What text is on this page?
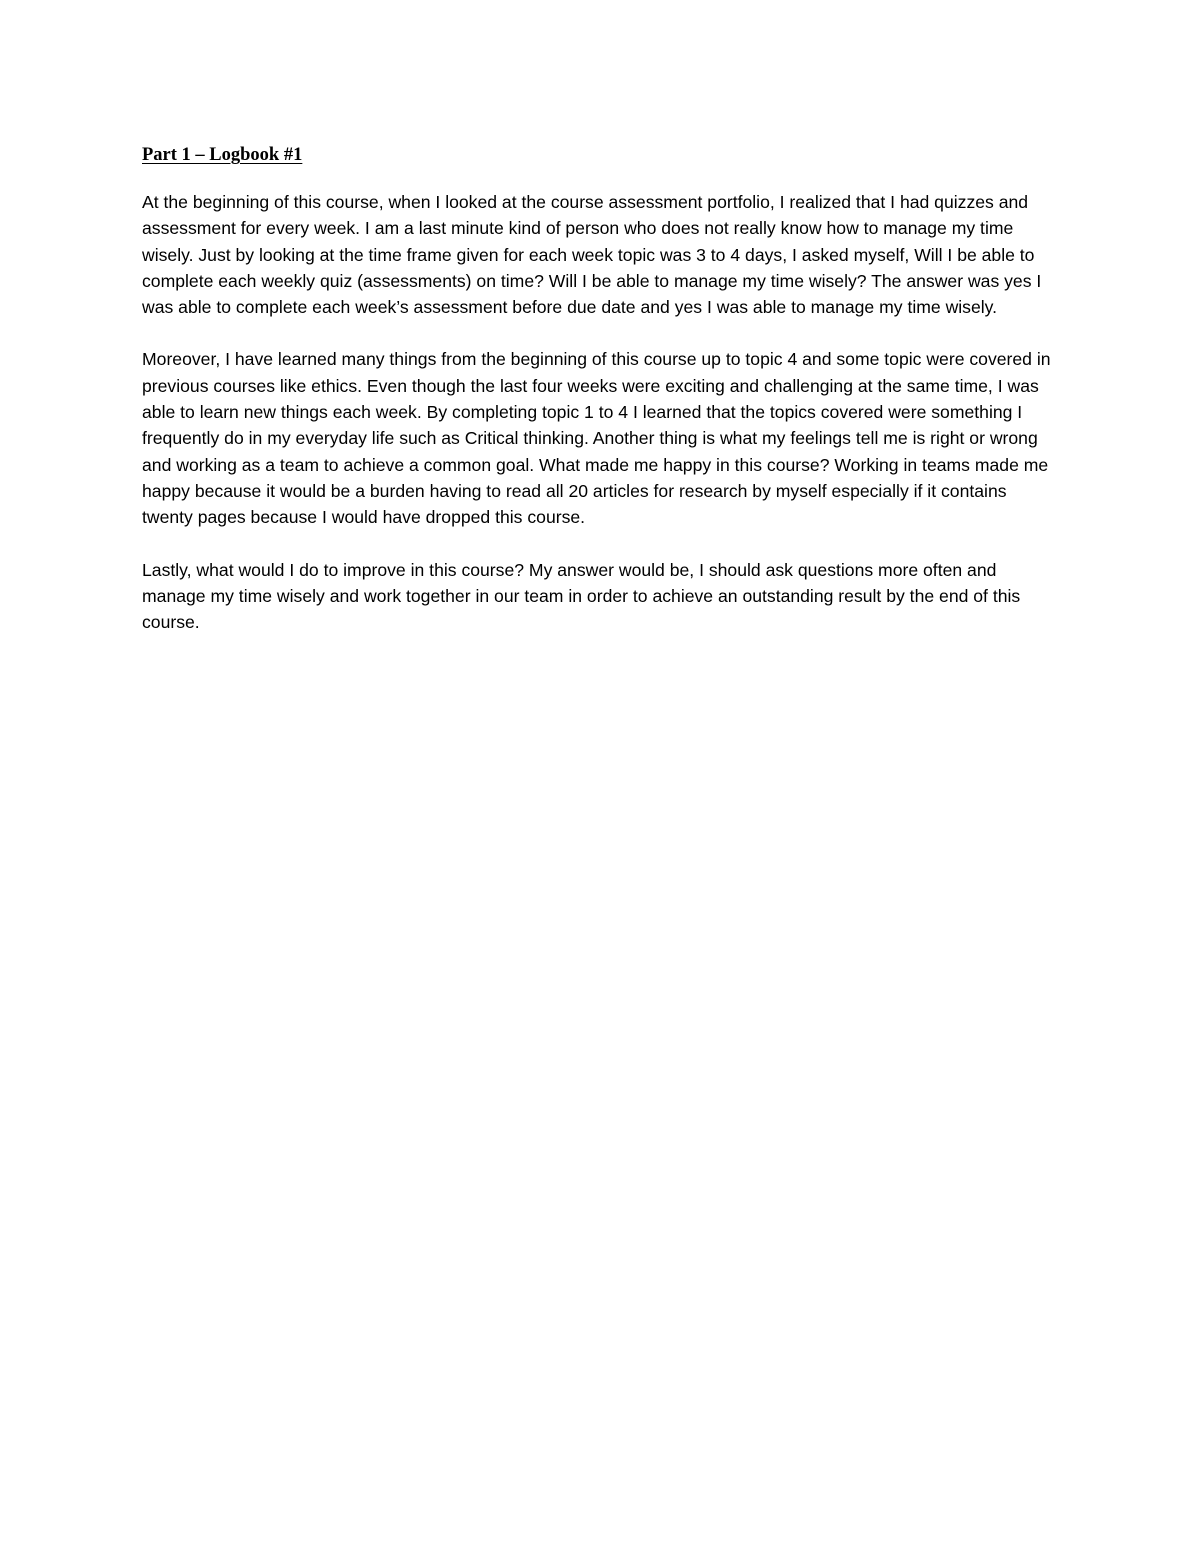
Part 1 – Logbook #1

At the beginning of this course, when I looked at the course assessment portfolio, I realized that I had quizzes and assessment for every week. I am a last minute kind of person who does not really know how to manage my time wisely. Just by looking at the time frame given for each week topic was 3 to 4 days, I asked myself, Will I be able to complete each weekly quiz (assessments) on time? Will I be able to manage my time wisely? The answer was yes I was able to complete each week’s assessment before due date and yes I was able to manage my time wisely.

Moreover, I have learned many things from the beginning of this course up to topic 4 and some topic were covered in previous courses like ethics. Even though the last four weeks were exciting and challenging at the same time, I was able to learn new things each week. By completing topic 1 to 4 I learned that the topics covered were something I frequently do in my everyday life such as Critical thinking. Another thing is what my feelings tell me is right or wrong and working as a team to achieve a common goal. What made me happy in this course? Working in teams made me happy because it would be a burden having to read all 20 articles for research by myself especially if it contains twenty pages because I would have dropped this course.

Lastly, what would I do to improve in this course? My answer would be, I should ask questions more often and manage my time wisely and work together in our team in order to achieve an outstanding result by the end of this course.
